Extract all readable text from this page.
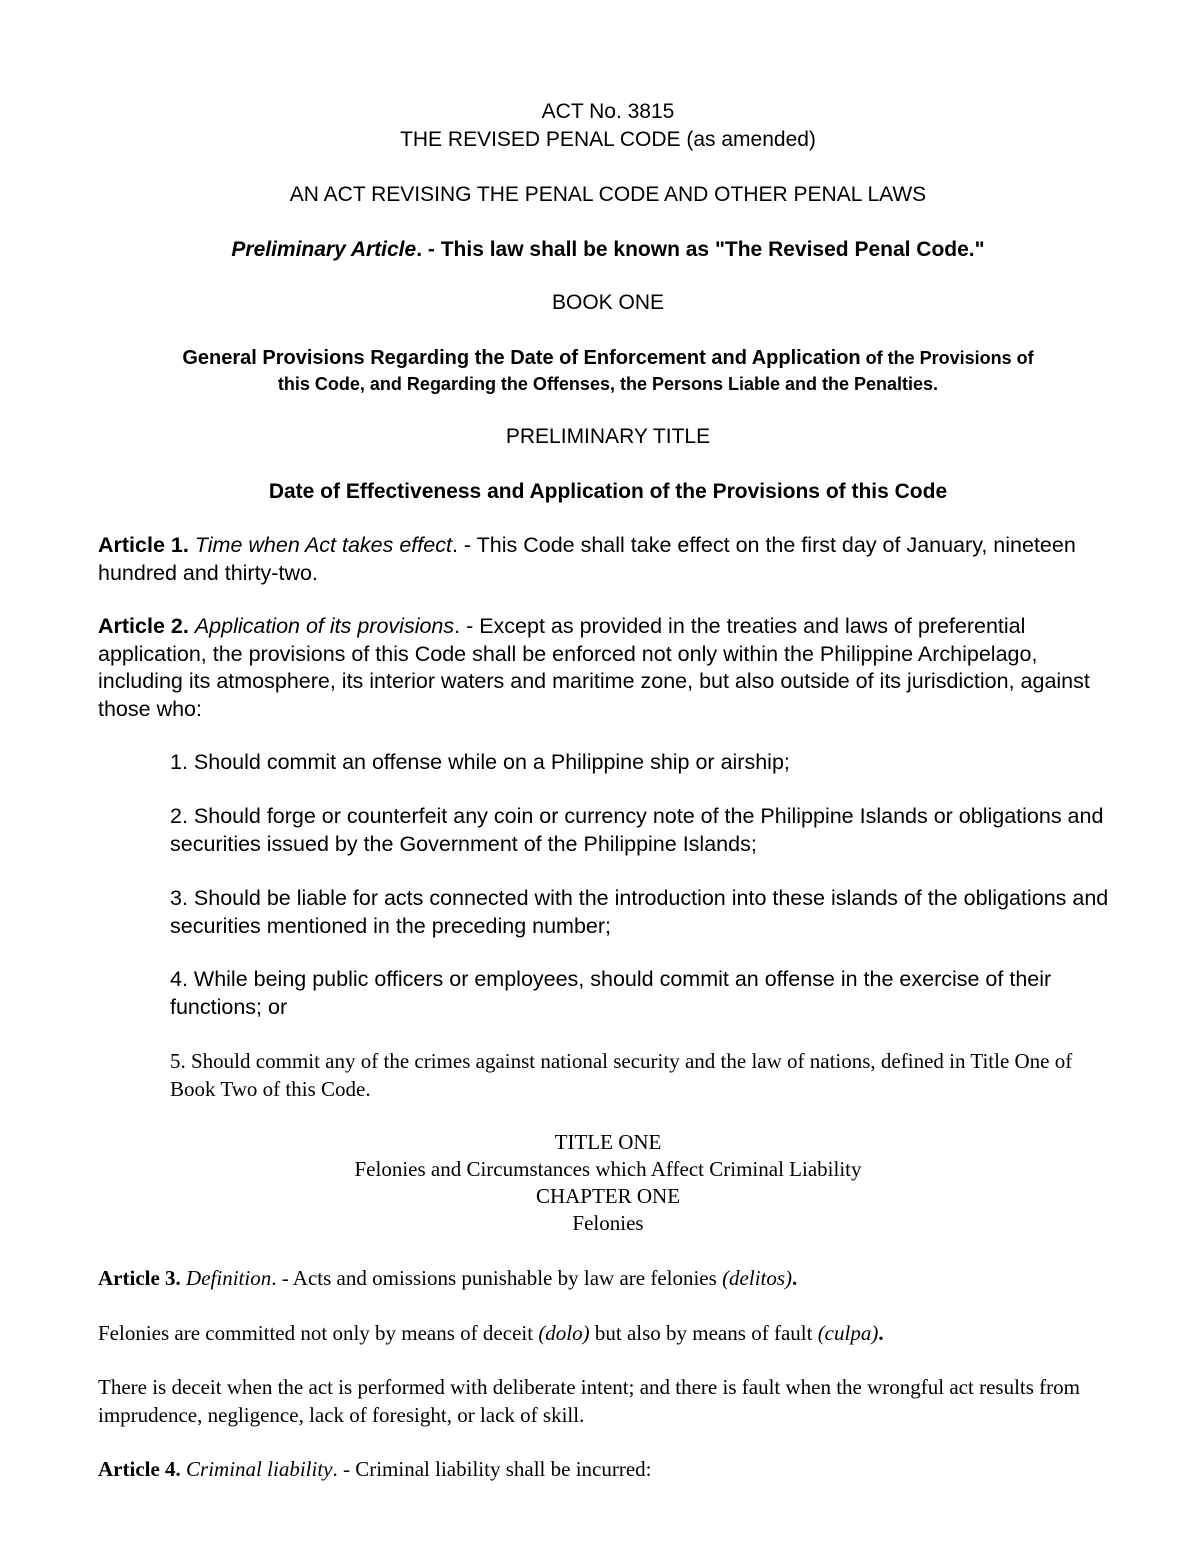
ACT No. 3815
THE REVISED PENAL CODE (as amended)
AN ACT REVISING THE PENAL CODE AND OTHER PENAL LAWS
Preliminary Article. - This law shall be known as "The Revised Penal Code."
BOOK ONE
General Provisions Regarding the Date of Enforcement and Application of the Provisions of
this Code, and Regarding the Offenses, the Persons Liable and the Penalties.
PRELIMINARY TITLE
Date of Effectiveness and Application of the Provisions of this Code

Article 1. Time when Act takes effect. - This Code shall take effect on the first day of January, nineteen hundred and thirty-two.

Article 2. Application of its provisions. - Except as provided in the treaties and laws of preferential application, the provisions of this Code shall be enforced not only within the Philippine Archipelago, including its atmosphere, its interior waters and maritime zone, but also outside of its jurisdiction, against those who:

1. Should commit an offense while on a Philippine ship or airship;

2. Should forge or counterfeit any coin or currency note of the Philippine Islands or obligations and securities issued by the Government of the Philippine Islands;

3. Should be liable for acts connected with the introduction into these islands of the obligations and securities mentioned in the preceding number;

4. While being public officers or employees, should commit an offense in the exercise of their functions; or

5. Should commit any of the crimes against national security and the law of nations, defined in Title One of Book Two of this Code.

TITLE ONE
Felonies and Circumstances which Affect Criminal Liability
CHAPTER ONE
Felonies

Article 3. Definition. - Acts and omissions punishable by law are felonies (delitos).

Felonies are committed not only by means of deceit (dolo) but also by means of fault (culpa).

There is deceit when the act is performed with deliberate intent; and there is fault when the wrongful act results from imprudence, negligence, lack of foresight, or lack of skill.

Article 4. Criminal liability. - Criminal liability shall be incurred:
